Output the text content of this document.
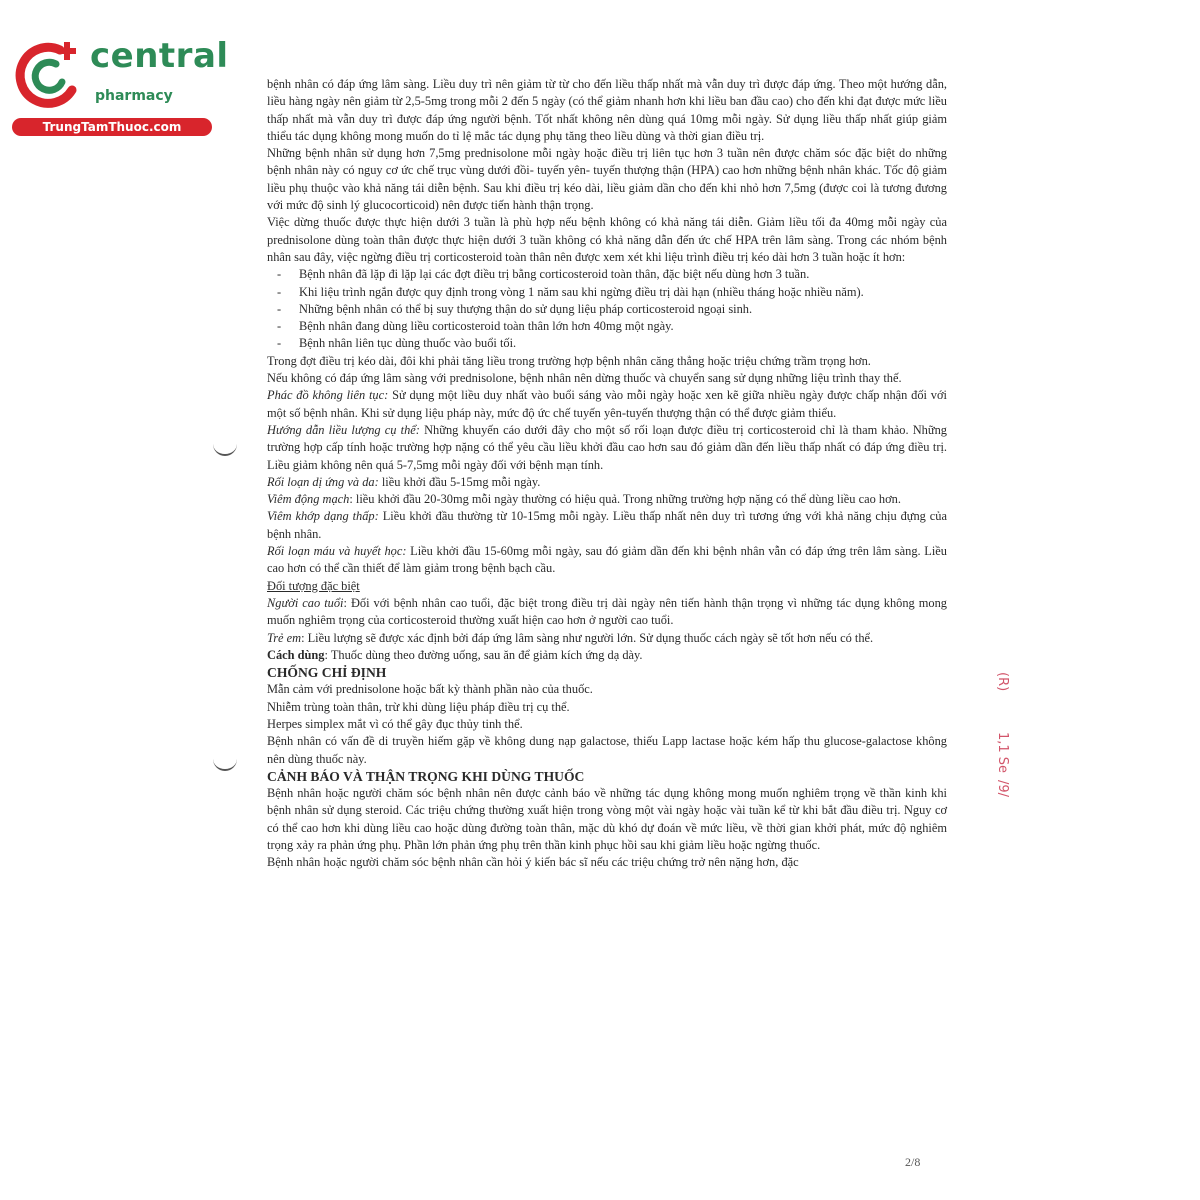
central
pharmacy
TrungTamThuoc.com

bệnh nhân có đáp ứng lâm sàng. Liều duy trì nên giảm từ từ cho đến liều thấp nhất mà vẫn duy trì được đáp ứng. Theo một hướng dẫn, liều hàng ngày nên giảm từ 2,5-5mg trong mỗi 2 đến 5 ngày (có thể giảm nhanh hơn khi liều ban đầu cao) cho đến khi đạt được mức liều thấp nhất mà vẫn duy trì được đáp ứng người bệnh. Tốt nhất không nên dùng quá 10mg mỗi ngày. Sử dụng liều thấp nhất giúp giảm thiểu tác dụng không mong muốn do tỉ lệ mắc tác dụng phụ tăng theo liều dùng và thời gian điều trị.

Những bệnh nhân sử dụng hơn 7,5mg prednisolone mỗi ngày hoặc điều trị liên tục hơn 3 tuần nên được chăm sóc đặc biệt do những bệnh nhân này có nguy cơ ức chế trục vùng dưới đồi- tuyến yên- tuyến thượng thận (HPA) cao hơn những bệnh nhân khác. Tốc độ giảm liều phụ thuộc vào khả năng tái diễn bệnh. Sau khi điều trị kéo dài, liều giảm dần cho đến khi nhỏ hơn 7,5mg (được coi là tương đương với mức độ sinh lý glucocorticoid) nên được tiến hành thận trọng.

Việc dừng thuốc được thực hiện dưới 3 tuần là phù hợp nếu bệnh không có khả năng tái diễn. Giảm liều tối đa 40mg mỗi ngày của prednisolone dùng toàn thân được thực hiện dưới 3 tuần không có khả năng dẫn đến ức chế HPA trên lâm sàng. Trong các nhóm bệnh nhân sau đây, việc ngừng điều trị corticosteroid toàn thân nên được xem xét khi liệu trình điều trị kéo dài hơn 3 tuần hoặc ít hơn:

- Bệnh nhân đã lặp đi lặp lại các đợt điều trị bằng corticosteroid toàn thân, đặc biệt nếu dùng hơn 3 tuần.

- Khi liệu trình ngắn được quy định trong vòng 1 năm sau khi ngừng điều trị dài hạn (nhiều tháng hoặc nhiều năm).

- Những bệnh nhân có thể bị suy thượng thận do sử dụng liệu pháp corticosteroid ngoại sinh.

- Bệnh nhân đang dùng liều corticosteroid toàn thân lớn hơn 40mg một ngày.

- Bệnh nhân liên tục dùng thuốc vào buổi tối.

Trong đợt điều trị kéo dài, đôi khi phải tăng liều trong trường hợp bệnh nhân căng thẳng hoặc triệu chứng trầm trọng hơn.

Nếu không có đáp ứng lâm sàng với prednisolone, bệnh nhân nên dừng thuốc và chuyển sang sử dụng những liệu trình thay thế.

Phác đồ không liên tục: Sử dụng một liều duy nhất vào buổi sáng vào mỗi ngày hoặc xen kẽ giữa nhiều ngày được chấp nhận đối với một số bệnh nhân. Khi sử dụng liệu pháp này, mức độ ức chế tuyến yên-tuyến thượng thận có thể được giảm thiểu.

Hướng dẫn liều lượng cụ thể: Những khuyến cáo dưới đây cho một số rối loạn được điều trị corticosteroid chỉ là tham khảo. Những trường hợp cấp tính hoặc trường hợp nặng có thể yêu cầu liều khởi đầu cao hơn sau đó giảm dần đến liều thấp nhất có đáp ứng điều trị. Liều giảm không nên quá 5-7,5mg mỗi ngày đối với bệnh mạn tính.

Rối loạn dị ứng và da: liều khởi đầu 5-15mg mỗi ngày.

Viêm động mạch: liều khởi đầu 20-30mg mỗi ngày thường có hiệu quả. Trong những trường hợp nặng có thể dùng liều cao hơn.

Viêm khớp dạng thấp: Liều khởi đầu thường từ 10-15mg mỗi ngày. Liều thấp nhất nên duy trì tương ứng với khả năng chịu đựng của bệnh nhân.

Rối loạn máu và huyết học: Liều khởi đầu 15-60mg mỗi ngày, sau đó giảm dần đến khi bệnh nhân vẫn có đáp ứng trên lâm sàng. Liều cao hơn có thể cần thiết để làm giảm trong bệnh bạch cầu.

Đối tượng đặc biệt

Người cao tuổi: Đối với bệnh nhân cao tuổi, đặc biệt trong điều trị dài ngày nên tiến hành thận trọng vì những tác dụng không mong muốn nghiêm trọng của corticosteroid thường xuất hiện cao hơn ở người cao tuổi.

Trẻ em: Liều lượng sẽ được xác định bởi đáp ứng lâm sàng như người lớn. Sử dụng thuốc cách ngày sẽ tốt hơn nếu có thể.

Cách dùng: Thuốc dùng theo đường uống, sau ăn để giảm kích ứng dạ dày.

CHỐNG CHỈ ĐỊNH

Mẫn cảm với prednisolone hoặc bất kỳ thành phần nào của thuốc.

Nhiễm trùng toàn thân, trừ khi dùng liệu pháp điều trị cụ thể.

Herpes simplex mắt vì có thể gây đục thủy tinh thể.

Bệnh nhân có vấn đề di truyền hiếm gặp về không dung nạp galactose, thiếu Lapp lactase hoặc kém hấp thu glucose-galactose không nên dùng thuốc này.

CẢNH BÁO VÀ THẬN TRỌNG KHI DÙNG THUỐC

Bệnh nhân hoặc người chăm sóc bệnh nhân nên được cảnh báo về những tác dụng không mong muốn nghiêm trọng về thần kinh khi bệnh nhân sử dụng steroid. Các triệu chứng thường xuất hiện trong vòng một vài ngày hoặc vài tuần kể từ khi bắt đầu điều trị. Nguy cơ có thể cao hơn khi dùng liều cao hoặc dùng đường toàn thân, mặc dù khó dự đoán về mức liều, về thời gian khởi phát, mức độ nghiêm trọng xảy ra phản ứng phụ. Phần lớn phản ứng phụ trên thần kinh phục hồi sau khi giảm liều hoặc ngừng thuốc.

Bệnh nhân hoặc người chăm sóc bệnh nhân cần hỏi ý kiến bác sĩ nếu các triệu chứng trở nên nặng hơn, đặc

(R)
1,1 Se
/9/
2/8
